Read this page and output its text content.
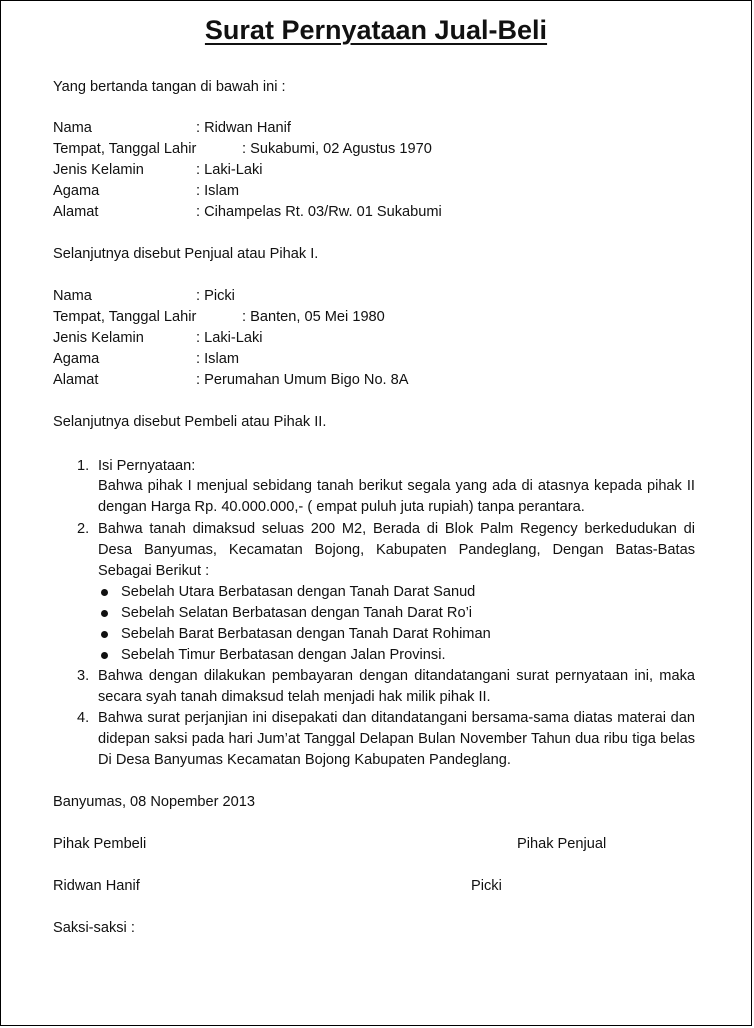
Surat Pernyataan Jual-Beli
Yang bertanda tangan di bawah ini :
Nama	: Ridwan Hanif
Tempat, Tanggal Lahir	: Sukabumi, 02 Agustus 1970
Jenis Kelamin	: Laki-Laki
Agama	: Islam
Alamat	: Cihampelas Rt. 03/Rw. 01 Sukabumi
Selanjutnya disebut Penjual atau Pihak I.
Nama	: Picki
Tempat, Tanggal Lahir	: Banten, 05 Mei 1980
Jenis Kelamin	: Laki-Laki
Agama	: Islam
Alamat	: Perumahan Umum Bigo No. 8A
Selanjutnya disebut Pembeli atau Pihak II.
1. Isi Pernyataan:
Bahwa pihak I menjual sebidang tanah berikut segala yang ada di atasnya kepada pihak II dengan Harga Rp. 40.000.000,- ( empat puluh juta rupiah) tanpa perantara.
2. Bahwa tanah dimaksud seluas 200 M2, Berada di Blok Palm Regency berkedudukan di Desa Banyumas, Kecamatan Bojong, Kabupaten Pandeglang, Dengan Batas-Batas Sebagai Berikut :
Sebelah Utara Berbatasan dengan Tanah Darat Sanud
Sebelah Selatan Berbatasan dengan Tanah Darat Ro’i
Sebelah Barat Berbatasan dengan Tanah Darat Rohiman
Sebelah Timur Berbatasan dengan Jalan Provinsi.
3. Bahwa dengan dilakukan pembayaran dengan ditandatangani surat pernyataan ini, maka secara syah tanah dimaksud telah menjadi hak milik pihak II.
4. Bahwa surat perjanjian ini disepakati dan ditandatangani bersama-sama diatas materai dan didepan saksi pada hari Jum’at Tanggal Delapan Bulan November Tahun dua ribu tiga belas Di Desa Banyumas Kecamatan Bojong Kabupaten Pandeglang.
Banyumas, 08 Nopember 2013
Pihak Pembeli	Pihak Penjual
Ridwan Hanif	Picki
Saksi-saksi :
